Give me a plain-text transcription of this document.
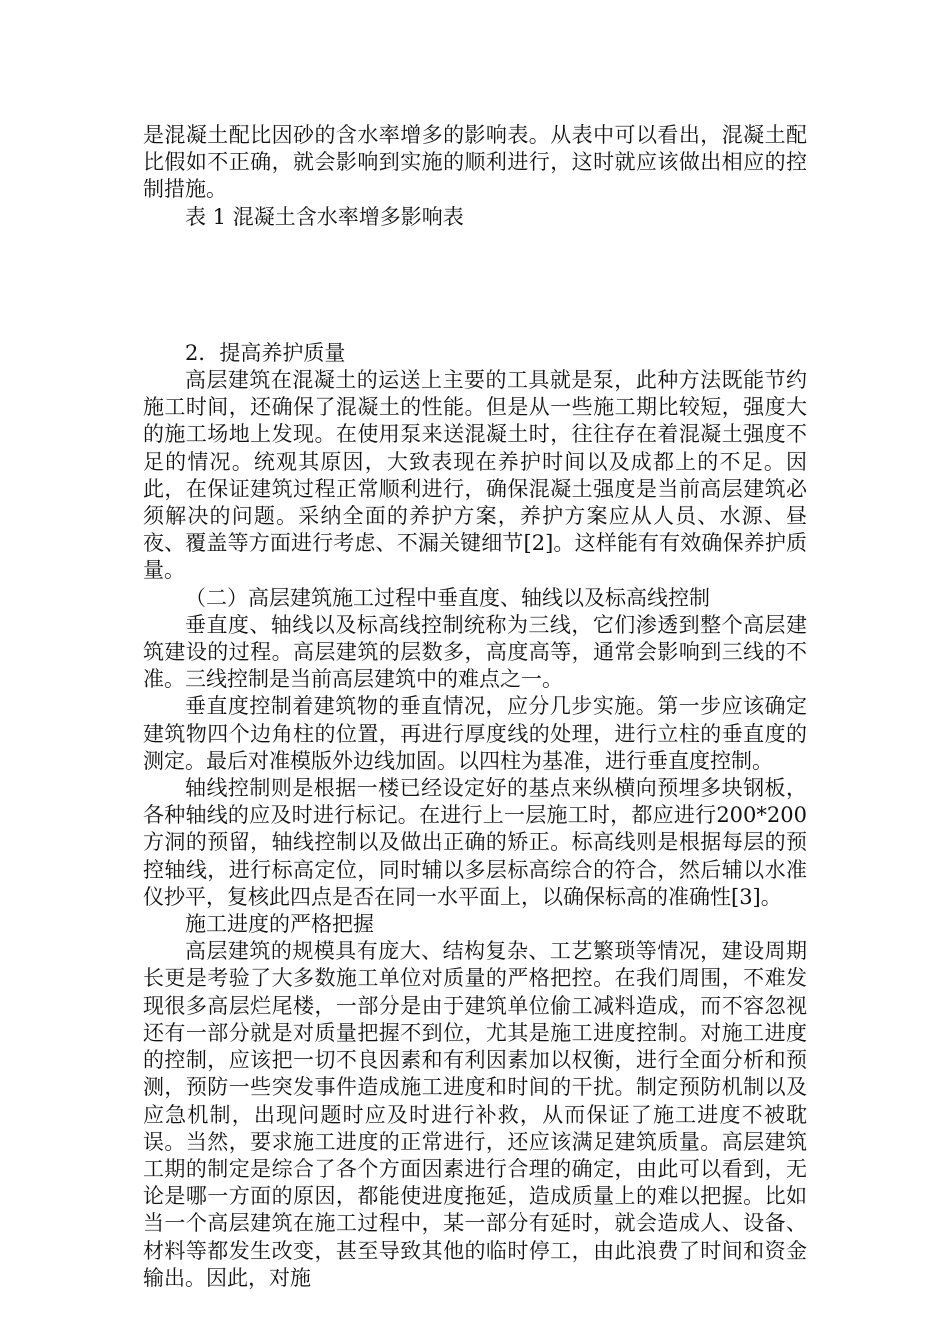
是混凝土配比因砂的含水率增多的影响表。从表中可以看出，混凝土配比假如不正确，就会影响到实施的顺利进行，这时就应该做出相应的控制措施。

表 1 混凝土含水率增多影响表

2．提高养护质量

高层建筑在混凝土的运送上主要的工具就是泵，此种方法既能节约施工时间，还确保了混凝土的性能。但是从一些施工期比较短，强度大的施工场地上发现。在使用泵来送混凝土时，往往存在着混凝土强度不足的情况。统观其原因，大致表现在养护时间以及成都上的不足。因此，在保证建筑过程正常顺利进行，确保混凝土强度是当前高层建筑必须解决的问题。采纳全面的养护方案，养护方案应从人员、水源、昼夜、覆盖等方面进行考虑、不漏关键细节[2]。这样能有有效确保养护质量。

（二）高层建筑施工过程中垂直度、轴线以及标高线控制

垂直度、轴线以及标高线控制统称为三线，它们渗透到整个高层建筑建设的过程。高层建筑的层数多，高度高等，通常会影响到三线的不准。三线控制是当前高层建筑中的难点之一。

垂直度控制着建筑物的垂直情况，应分几步实施。第一步应该确定建筑物四个边角柱的位置，再进行厚度线的处理，进行立柱的垂直度的测定。最后对准模版外边线加固。以四柱为基准，进行垂直度控制。

轴线控制则是根据一楼已经设定好的基点来纵横向预埋多块钢板，各种轴线的应及时进行标记。在进行上一层施工时，都应进行200*200 方洞的预留，轴线控制以及做出正确的矫正。标高线则是根据每层的预控轴线，进行标高定位，同时辅以多层标高综合的符合，然后辅以水准仪抄平，复核此四点是否在同一水平面上，以确保标高的准确性[3]。

施工进度的严格把握

高层建筑的规模具有庞大、结构复杂、工艺繁琐等情况，建设周期长更是考验了大多数施工单位对质量的严格把控。在我们周围，不难发现很多高层烂尾楼，一部分是由于建筑单位偷工减料造成，而不容忽视还有一部分就是对质量把握不到位，尤其是施工进度控制。对施工进度的控制，应该把一切不良因素和有利因素加以权衡，进行全面分析和预测，预防一些突发事件造成施工进度和时间的干扰。制定预防机制以及应急机制，出现问题时应及时进行补救，从而保证了施工进度不被耽误。当然，要求施工进度的正常进行，还应该满足建筑质量。高层建筑工期的制定是综合了各个方面因素进行合理的确定，由此可以看到，无论是哪一方面的原因，都能使进度拖延，造成质量上的难以把握。比如当一个高层建筑在施工过程中，某一部分有延时，就会造成人、设备、材料等都发生改变，甚至导致其他的临时停工，由此浪费了时间和资金输出。因此，对施
